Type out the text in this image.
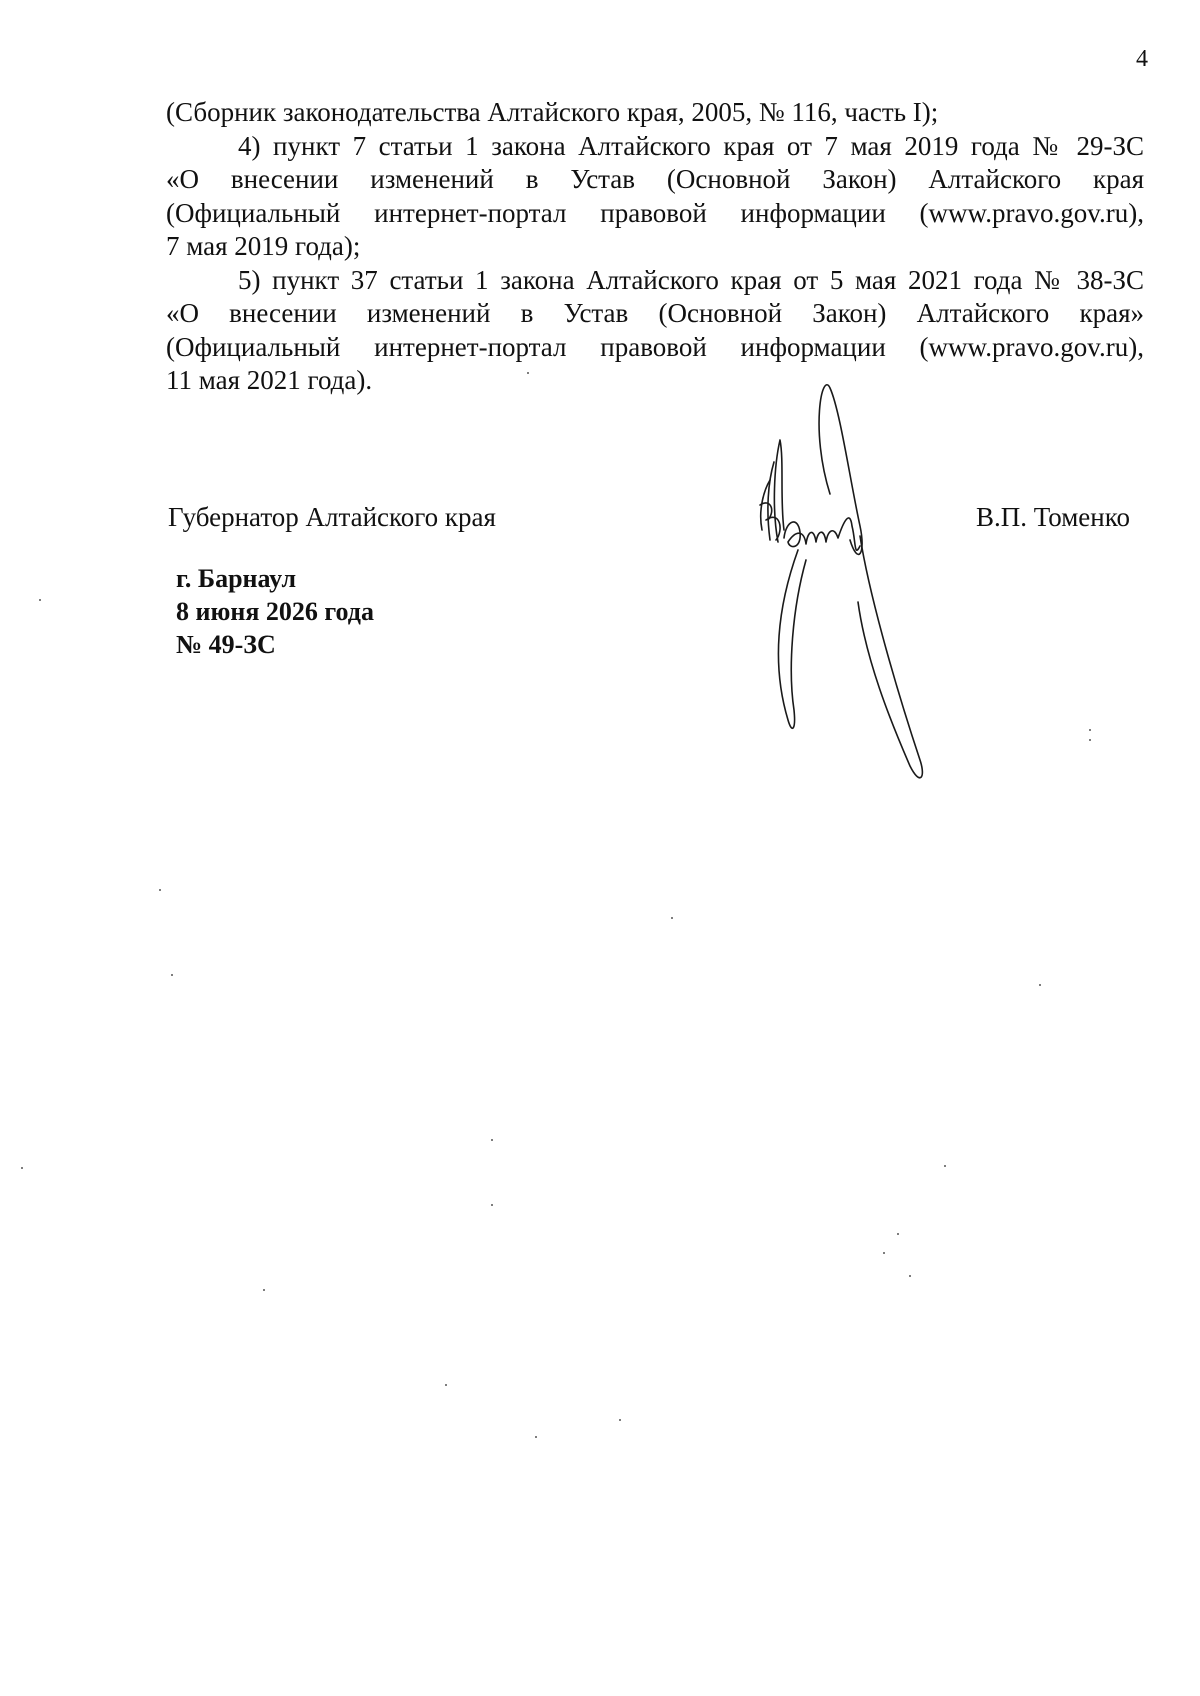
4
(Сборник законодательства Алтайского края, 2005, № 116, часть I);
4) пункт 7 статьи 1 закона Алтайского края от 7 мая 2019 года № 29-ЗС
«О внесении изменений в Устав (Основной Закон) Алтайского края
(Официальный интернет-портал правовой информации (www.pravo.gov.ru),
7 мая 2019 года);
5) пункт 37 статьи 1 закона Алтайского края от 5 мая 2021 года № 38-ЗС
«О внесении изменений в Устав (Основной Закон) Алтайского края»
(Официальный интернет-портал правовой информации (www.pravo.gov.ru),
11 мая 2021 года).
Губернатор Алтайского края	В.П. Томенко
г. Барнаул
8 июня 2026 года
№ 49-ЗС
